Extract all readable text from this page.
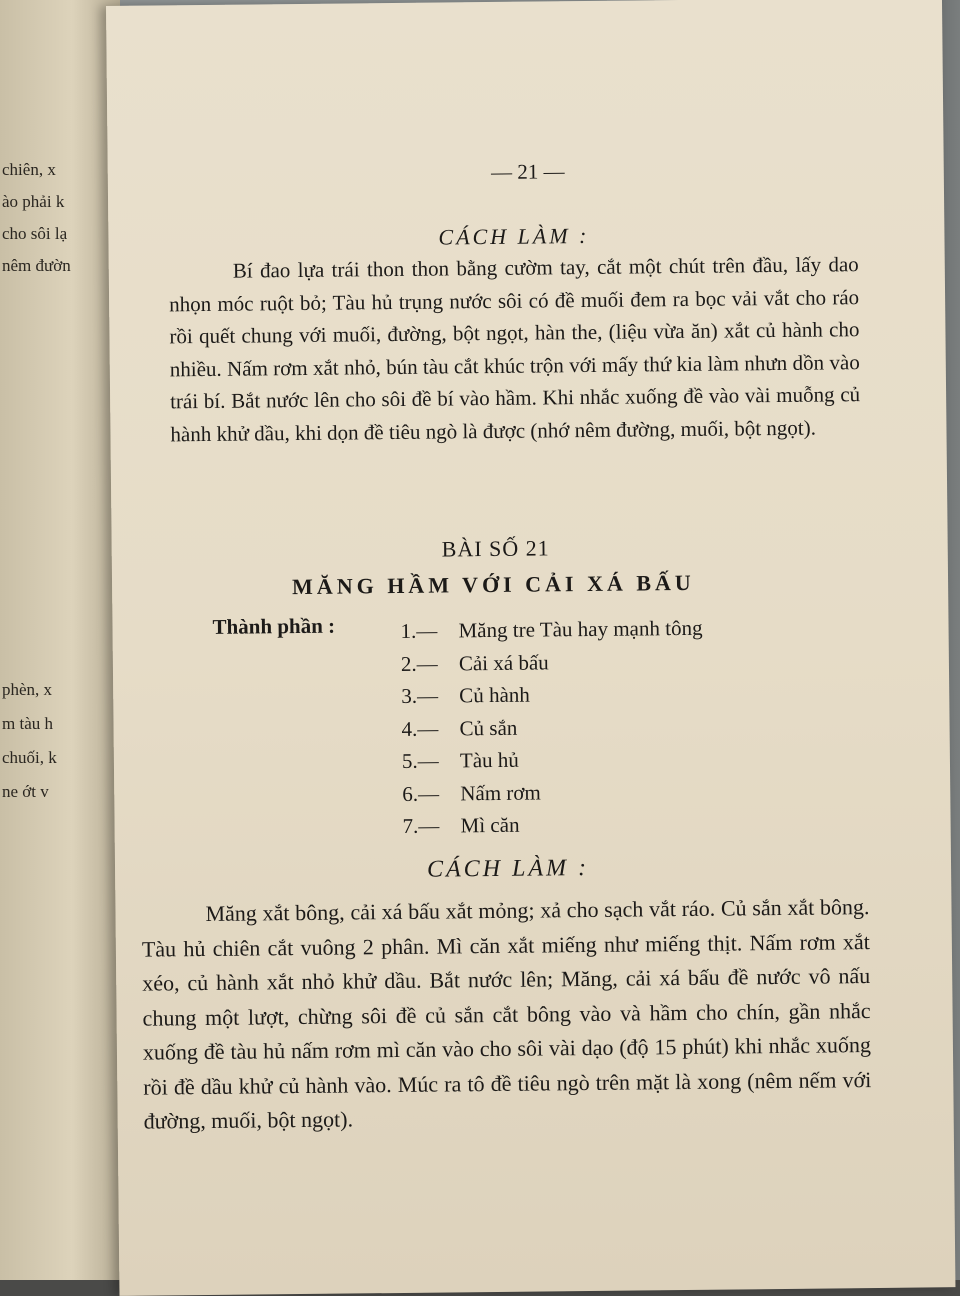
chiên, x
ào phải k
cho sôi lạ
nêm đườn
phèn, x
m tàu h
chuối, k
ne ớt v
— 21 —
CÁCH LÀM :
Bí đao lựa trái thon thon bằng cườm tay, cắt một chút trên đầu, lấy dao nhọn móc ruột bỏ; Tàu hủ trụng nước sôi có đề muối đem ra bọc vải vắt cho ráo rồi quết chung với muối, đường, bột ngọt, hàn the, (liệu vừa ăn) xắt củ hành cho nhiều. Nấm rơm xắt nhỏ, bún tàu cắt khúc trộn với mấy thứ kia làm nhưn dồn vào trái bí. Bắt nước lên cho sôi đề bí vào hầm. Khi nhắc xuống đề vào vài muỗng củ hành khử dầu, khi dọn đề tiêu ngò là được (nhớ nêm đường, muối, bột ngọt).
BÀI SỐ 21
MĂNG HẦM VỚI CẢI XÁ BẤU
Thành phần :	1.— Măng tre Tàu hay mạnh tông
2.— Cải xá bấu
3.— Củ hành
4.— Củ sắn
5.— Tàu hủ
6.— Nấm rơm
7.— Mì căn
CÁCH LÀM :
Măng xắt bông, cải xá bấu xắt mỏng; xả cho sạch vắt ráo. Củ sắn xắt bông. Tàu hủ chiên cắt vuông 2 phân. Mì căn xắt miếng như miếng thịt. Nấm rơm xắt xéo, củ hành xắt nhỏ khử dầu. Bắt nước lên; Măng, cải xá bấu đề nước vô nấu chung một lượt, chừng sôi đề củ sắn cắt bông vào và hầm cho chín, gần nhắc xuống đề tàu hủ nấm rơm mì căn vào cho sôi vài dạo (độ 15 phút) khi nhắc xuống rồi đề dầu khử củ hành vào. Múc ra tô đề tiêu ngò trên mặt là xong (nêm nếm với đường, muối, bột ngọt).
